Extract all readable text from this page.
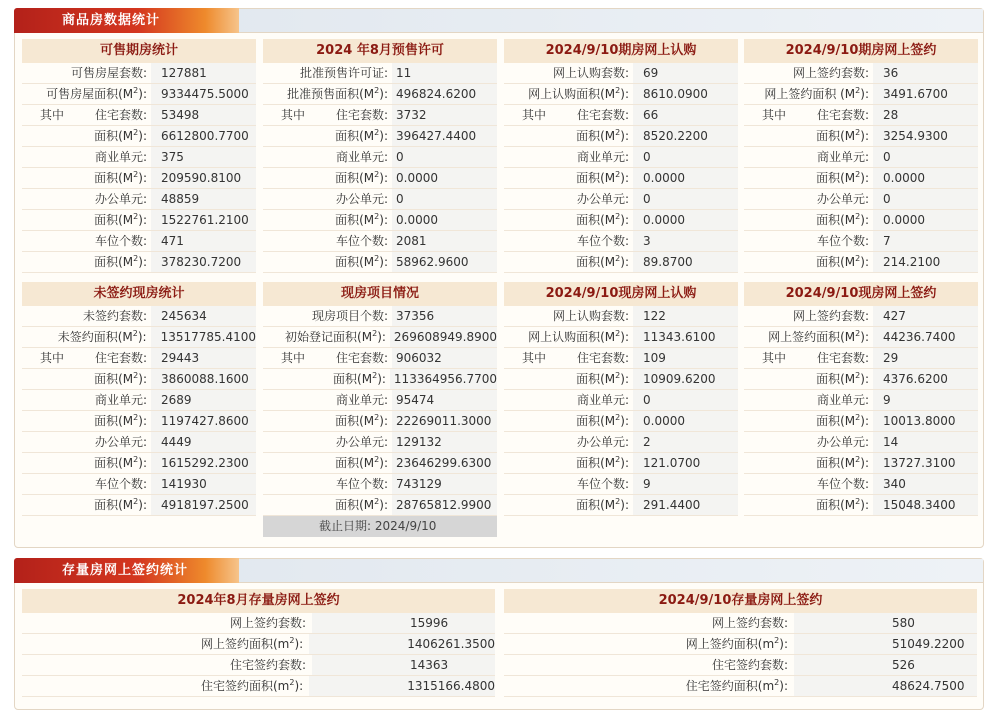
商品房数据统计
可售期房统计
可售房屋套数:	127881
可售房屋面积$(M^2)$:	9334475.5000
其中	住宅套数:	53498
面积$(M^2)$:	6612800.7700
商业单元:	375
面积$(M^2)$:	209590.8100
办公单元:	48859
面积$(M^2)$:	1522761.2100
车位个数:	471
面积$(M^2)$:	378230.7200
2024 年8月预售许可
批准预售许可证: 11
批准预售面积$(M^2)$: 496824.6200
其中	住宅套数: 3732
面积$(M^2)$: 396427.4400
商业单元: 0
面积$(M^2)$: 0.0000
办公单元: 0
面积$(M^2)$: 0.0000
车位个数: 2081
面积$(M^2)$: 58962.9600
2024/9/10期房网上认购
网上认购套数:	69
网上认购面积$(M^2)$:	8610.0900
其中	住宅套数:	66
面积$(M^2)$:	8520.2200
商业单元:	0
面积$(M^2)$:	0.0000
办公单元:	0
面积$(M^2)$:	0.0000
车位个数:	3
面积$(M^2)$:	89.8700
2024/9/10期房网上签约
网上签约套数:	36
网上签约面积 $(M^2)$:	3491.6700
其中	住宅套数:	28
面积$(M^2)$:	3254.9300
商业单元:	0
面积$(M^2)$:	0.0000
办公单元:	0
面积$(M^2)$:	0.0000
车位个数:	7
面积$(M^2)$:	214.2100
未签约现房统计
未签约套数:	245634
未签约面积$(M^2)$:	13517785.4100
其中	住宅套数:	29443
面积$(M^2)$:	3860088.1600
商业单元:	2689
面积$(M^2)$:	1197427.8600
办公单元:	4449
面积$(M^2)$:	1615292.2300
车位个数:	141930
面积$(M^2)$:	4918197.2500
现房项目情况
现房项目个数: 37356
初始登记面积$(M^2)$: 269608949.8900
其中	住宅套数: 906032
面积$(M^2)$: 113364956.7700
商业单元: 95474
面积$(M^2)$: 22269011.3000
办公单元: 129132
面积$(M^2)$: 23646299.6300
车位个数: 743129
面积$(M^2)$: 28765812.9900
截止日期: 2024/9/10
2024/9/10现房网上认购
网上认购套数:	122
网上认购面积$(M^2)$:	11343.6100
其中	住宅套数:	109
面积$(M^2)$:	10909.6200
商业单元:	0
面积$(M^2)$:	0.0000
办公单元:	2
面积$(M^2)$:	121.0700
车位个数:	9
面积$(M^2)$:	291.4400
2024/9/10现房网上签约
网上签约套数:	427
网上签约面积$(M^2)$:	44236.7400
其中	住宅套数:	29
面积$(M^2)$:	4376.6200
商业单元:	9
面积$(M^2)$:	10013.8000
办公单元:	14
面积$(M^2)$:	13727.3100
车位个数:	340
面积$(M^2)$:	15048.3400
存量房网上签约统计
2024年8月存量房网上签约
网上签约套数:	15996
网上签约面积$(m^2)$:	1406261.3500
住宅签约套数:	14363
住宅签约面积$(m^2)$:	1315166.4800
2024/9/10存量房网上签约
网上签约套数:	580
网上签约面积$(m^2)$:	51049.2200
住宅签约套数:	526
住宅签约面积$(m^2)$:	48624.7500
